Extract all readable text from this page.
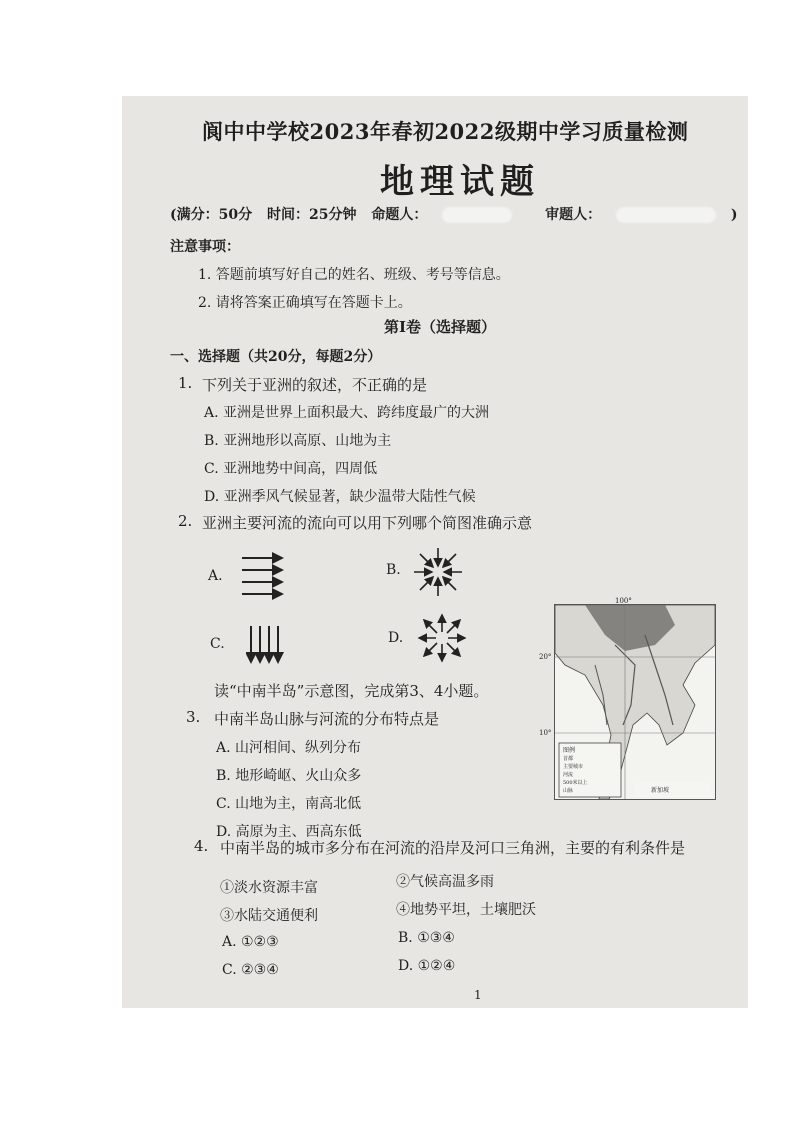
阆中中学校2023年春初2022级期中学习质量检测
地理试题
(满分：50分 时间：25分钟 命题人：	审题人：	)
注意事项：
1. 答题前填写好自己的姓名、班级、考号等信息。
2. 请将答案正确填写在答题卡上。
第Ⅰ卷（选择题）
一、选择题（共20分，每题2分）
1. 下列关于亚洲的叙述，不正确的是
A. 亚洲是世界上面积最大、跨纬度最广的大洲
B. 亚洲地形以高原、山地为主
C. 亚洲地势中间高，四周低
D. 亚洲季风气候显著，缺少温带大陆性气候
2. 亚洲主要河流的流向可以用下列哪个简图准确示意
A.	B.
C.	D.
100°
20°
10°
图例
首都
主要城市
河流
500米以上
山脉	新加坡
读“中南半岛”示意图，完成第3、4小题。
3. 中南半岛山脉与河流的分布特点是
A. 山河相间、纵列分布
B. 地形崎岖、火山众多
C. 山地为主，南高北低
D. 高原为主、西高东低
4. 中南半岛的城市多分布在河流的沿岸及河口三角洲，主要的有利条件是
①淡水资源丰富	②气候高温多雨
③水陆交通便利	④地势平坦，土壤肥沃
A. ①②③	B. ①③④
C. ②③④	D. ①②④
1
